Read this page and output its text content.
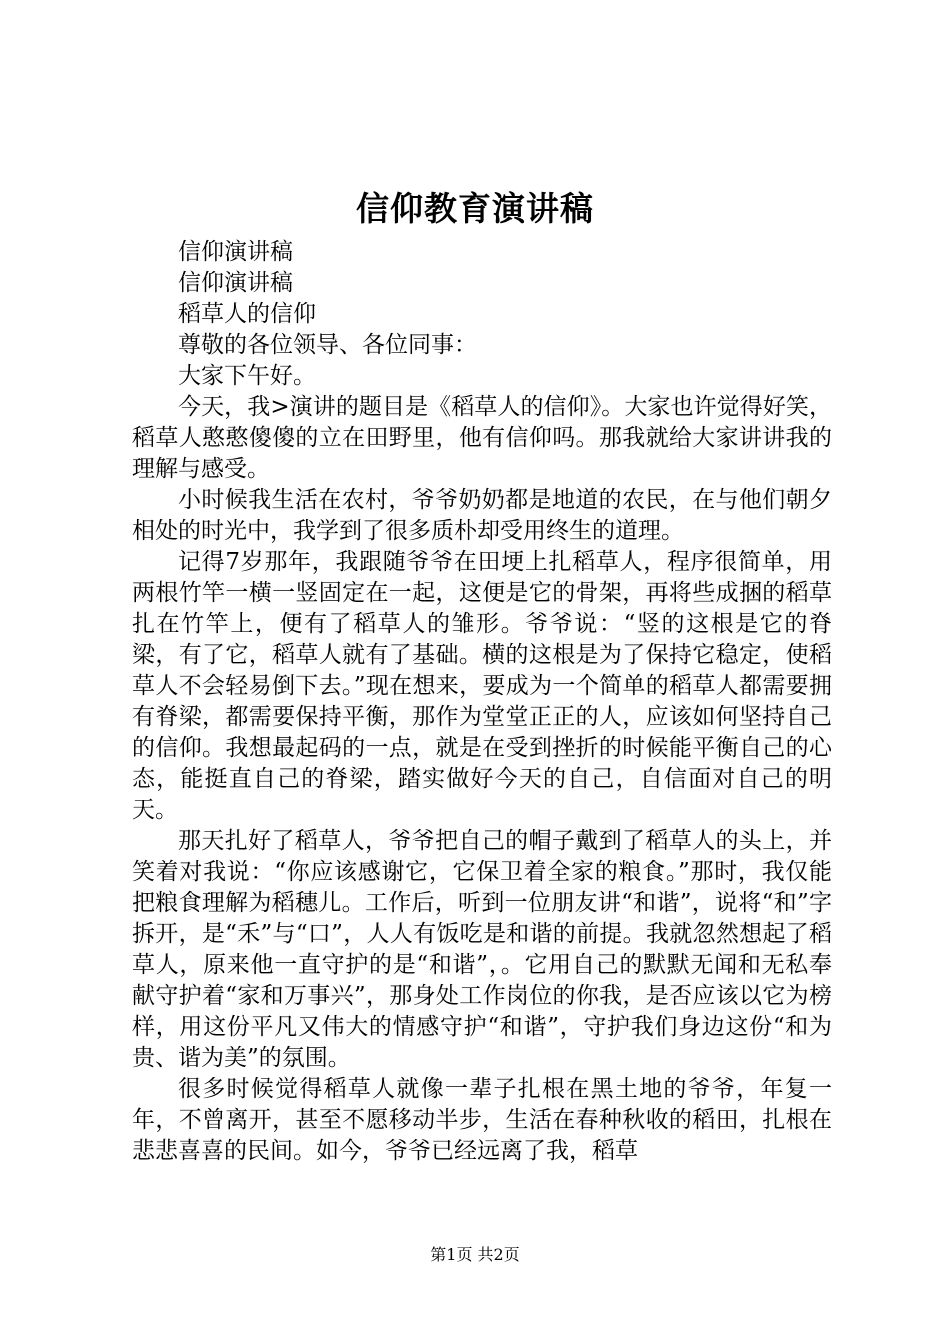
信仰教育演讲稿

信仰演讲稿

信仰演讲稿

稻草人的信仰

尊敬的各位领导、各位同事：

大家下午好。

今天，我>演讲的题目是《稻草人的信仰》。大家也许觉得好笑，稻草人憨憨傻傻的立在田野里，他有信仰吗。那我就给大家讲讲我的理解与感受。

小时候我生活在农村，爷爷奶奶都是地道的农民，在与他们朝夕相处的时光中，我学到了很多质朴却受用终生的道理。

记得7岁那年，我跟随爷爷在田埂上扎稻草人，程序很简单，用两根竹竿一横一竖固定在一起，这便是它的骨架，再将些成捆的稻草扎在竹竿上，便有了稻草人的雏形。爷爷说：“竖的这根是它的脊梁，有了它，稻草人就有了基础。横的这根是为了保持它稳定，使稻草人不会轻易倒下去。”现在想来，要成为一个简单的稻草人都需要拥有脊梁，都需要保持平衡，那作为堂堂正正的人，应该如何坚持自己的信仰。我想最起码的一点，就是在受到挫折的时候能平衡自己的心态，能挺直自己的脊梁，踏实做好今天的自己，自信面对自己的明天。

那天扎好了稻草人，爷爷把自己的帽子戴到了稻草人的头上，并笑着对我说：“你应该感谢它，它保卫着全家的粮食。”那时，我仅能把粮食理解为稻穗儿。工作后，听到一位朋友讲“和谐”，说将“和”字拆开，是“禾”与“口”，人人有饭吃是和谐的前提。我就忽然想起了稻草人，原来他一直守护的是“和谐”，。它用自己的默默无闻和无私奉献守护着“家和万事兴”，那身处工作岗位的你我，是否应该以它为榜样，用这份平凡又伟大的情感守护“和谐”，守护我们身边这份“和为贵、谐为美”的氛围。

很多时候觉得稻草人就像一辈子扎根在黑土地的爷爷，年复一年，不曾离开，甚至不愿移动半步，生活在春种秋收的稻田，扎根在悲悲喜喜的民间。如今，爷爷已经远离了我，稻草

第1页 共2页
